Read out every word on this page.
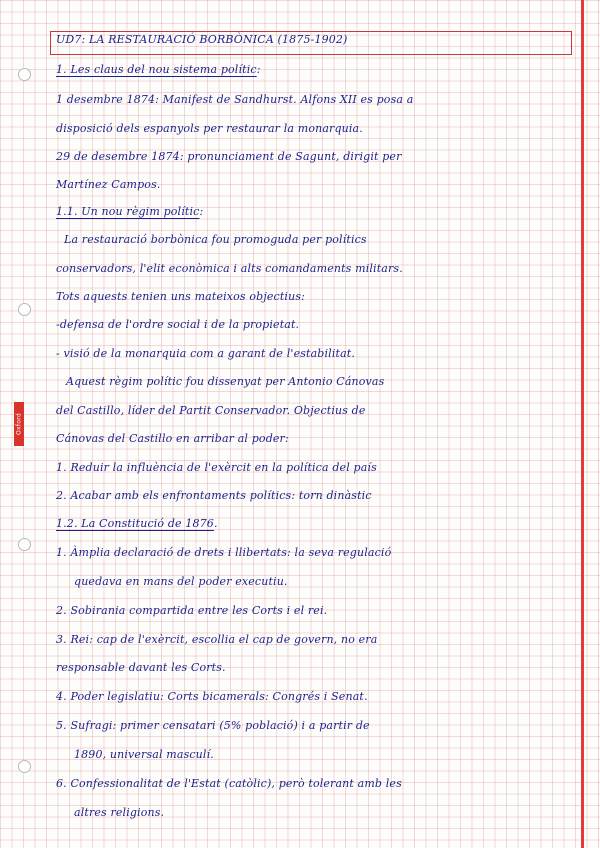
Oxford
UD7: LA RESTAURACIÓ BORBÒNICA (1875-1902)
1. Les claus del nou sistema polític:
1 desembre 1874: Manifest de Sandhurst. Alfons XII es posa a
disposició dels espanyols per restaurar la monarquia.
29 de desembre 1874: pronunciament de Sagunt, dirigit per
Martínez Campos.
1.1. Un nou règim polític:
La restauració borbònica fou promoguda per polítics
conservadors, l'elit econòmica i alts comandaments militars.
Tots aquests tenien uns mateixos objectius:
-defensa de l'ordre social i de la propietat.
- visió de la monarquia com a garant de l'estabilitat.
Aquest règim polític fou dissenyat per Antonio Cánovas
del Castillo, líder del Partit Conservador. Objectius de
Cánovas del Castillo en arribar al poder:
1. Reduir la influència de l'exèrcit en la política del país
2. Acabar amb els enfrontaments polítics: torn dinàstic
1.2. La Constitució de 1876.
1. Àmplia declaració de drets i llibertats: la seva regulació
quedava en mans del poder executiu.
2. Sobirania compartida entre les Corts i el rei.
3. Rei: cap de l'exèrcit, escollia el cap de govern, no era
responsable davant les Corts.
4. Poder legislatiu: Corts bicamerals: Congrés i Senat.
5. Sufragi: primer censatari (5% població) i a partir de
1890, universal masculí.
6. Confessionalitat de l'Estat (catòlic), però tolerant amb les
altres religions.
